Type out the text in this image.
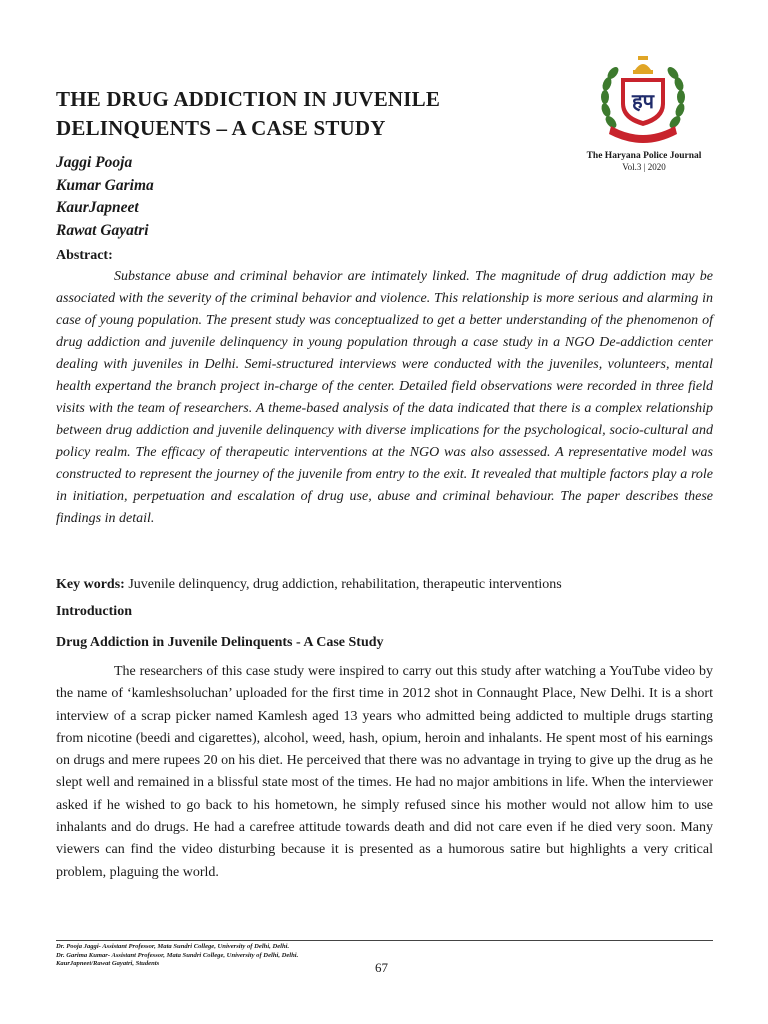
THE DRUG ADDICTION IN JUVENILE DELINQUENTS – A CASE STUDY
Jaggi Pooja
Kumar Garima
KaurJapneet
Rawat Gayatri
हप
The Haryana Police Journal
Vol.3 | 2020
Abstract:

Substance abuse and criminal behavior are intimately linked. The magnitude of drug addiction may be associated with the severity of the criminal behavior and violence. This relationship is more serious and alarming in case of young population. The present study was conceptualized to get a better understanding of the phenomenon of drug addiction and juvenile delinquency in young population through a case study in a NGO De-addiction center dealing with juveniles in Delhi. Semi-structured interviews were conducted with the juveniles, volunteers, mental health expertand the branch project in-charge of the center. Detailed field observations were recorded in three field visits with the team of researchers. A theme-based analysis of the data indicated that there is a complex relationship between drug addiction and juvenile delinquency with diverse implications for the psychological, socio-cultural and policy realm. The efficacy of therapeutic interventions at the NGO was also assessed. A representative model was constructed to represent the journey of the juvenile from entry to the exit. It revealed that multiple factors play a role in initiation, perpetuation and escalation of drug use, abuse and criminal behaviour. The paper describes these findings in detail.

Key words: Juvenile delinquency, drug addiction, rehabilitation, therapeutic interventions
Introduction
Drug Addiction in Juvenile Delinquents - A Case Study

The researchers of this case study were inspired to carry out this study after watching a YouTube video by the name of ‘kamleshsoluchan’ uploaded for the first time in 2012 shot in Connaught Place, New Delhi. It is a short interview of a scrap picker named Kamlesh aged 13 years who admitted being addicted to multiple drugs starting from nicotine (beedi and cigarettes), alcohol, weed, hash, opium, heroin and inhalants. He spent most of his earnings on drugs and mere rupees 20 on his diet. He perceived that there was no advantage in trying to give up the drug as he slept well and remained in a blissful state most of the times. He had no major ambitions in life. When the interviewer asked if he wished to go back to his hometown, he simply refused since his mother would not allow him to use inhalants and do drugs. He had a carefree attitude towards death and did not care even if he died very soon. Many viewers can find the video disturbing because it is presented as a humorous satire but highlights a very critical problem, plaguing the world.

Dr. Pooja Jaggi- Assistant Professor, Mata Sundri College, University of Delhi, Delhi.
Dr. Garima Kumar- Assistant Professor, Mata Sundri College, University of Delhi, Delhi.
KaurJapneet/Rawat Gayatri, Students	67
